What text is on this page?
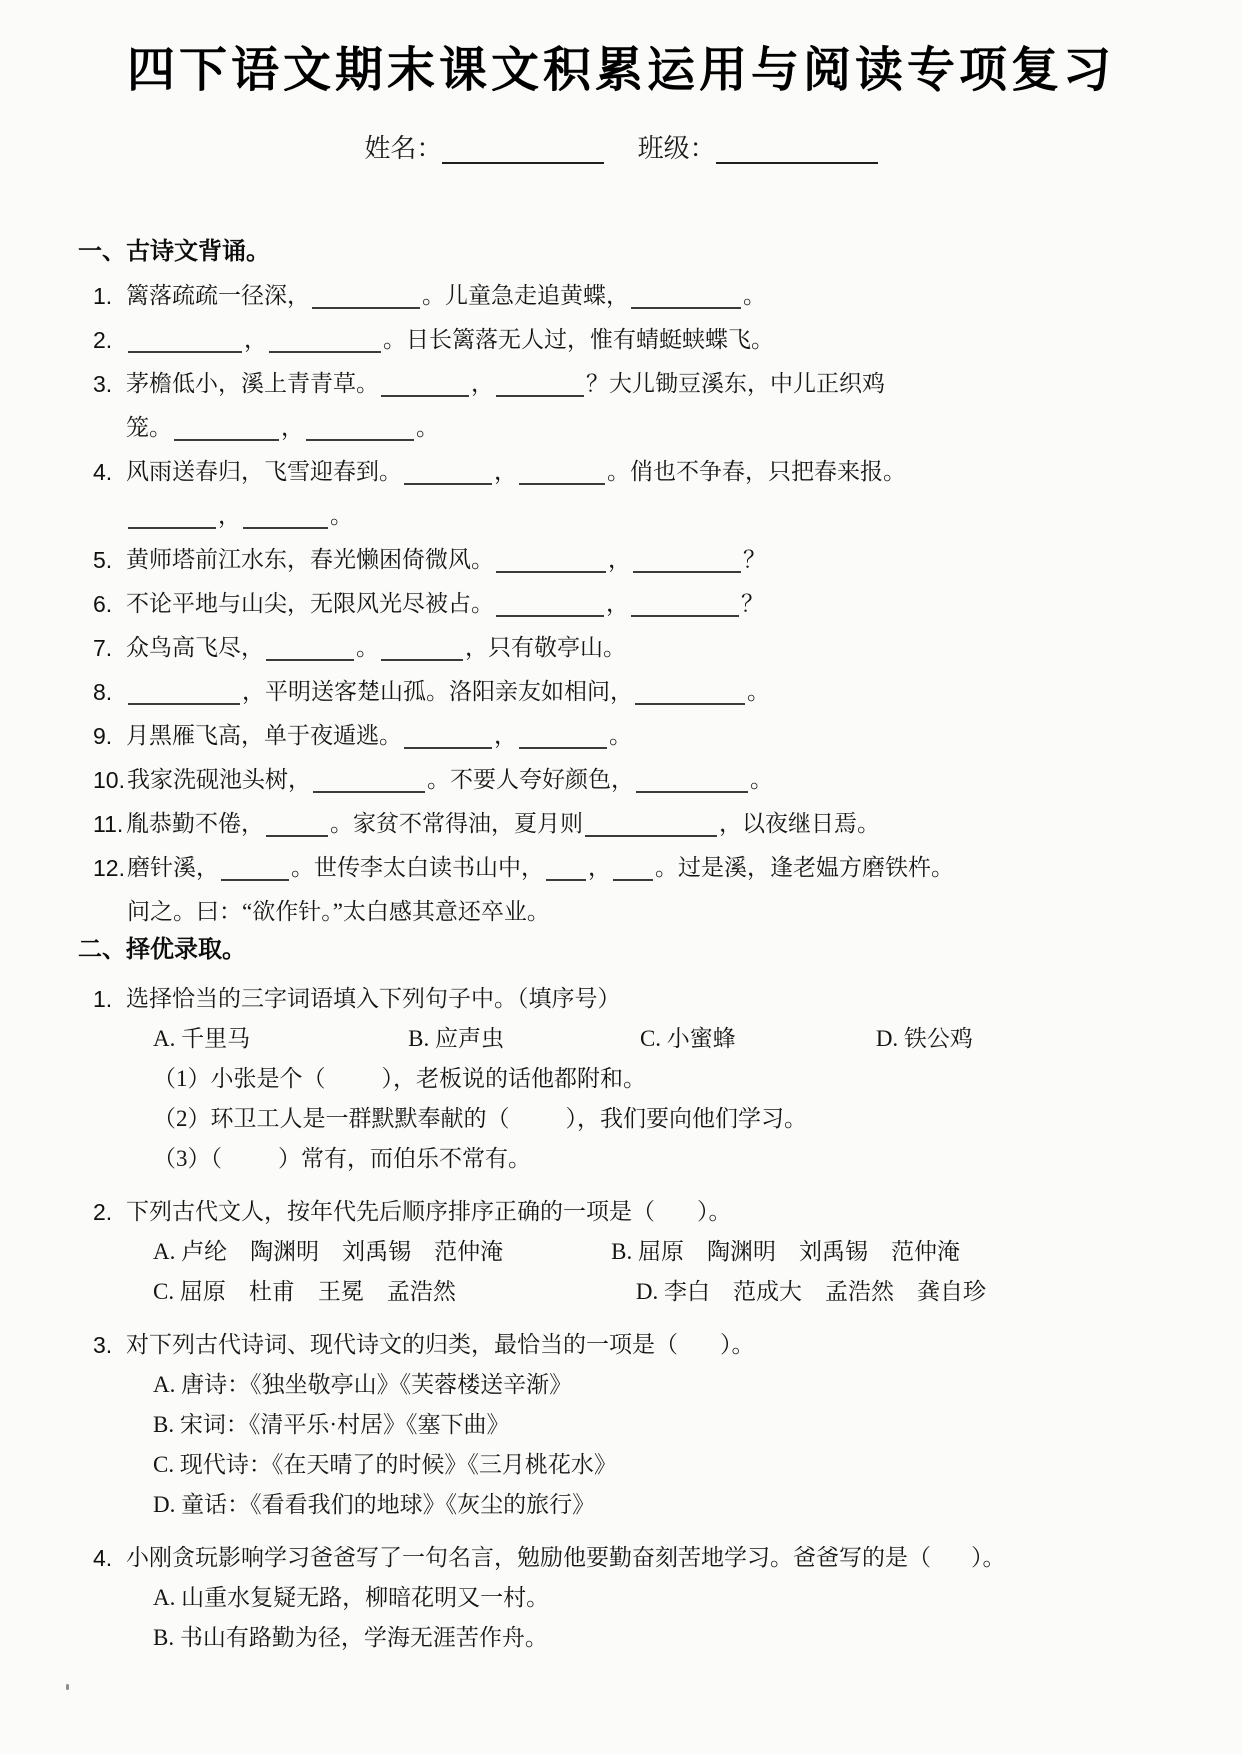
四下语文期末课文积累运用与阅读专项复习
姓名：	班级：
一、古诗文背诵。
1. 篱落疏疏一径深，	。儿童急走追黄蝶，	。
2.	，	。日长篱落无人过，惟有蜻蜓蛱蝶飞。
3. 茅檐低小，溪上青青草。	，	？大儿锄豆溪东，中儿正织鸡
笼。	，	。
4. 风雨送春归，飞雪迎春到。	，	。俏也不争春，只把春来报。
，	。
5. 黄师塔前江水东，春光懒困倚微风。	，	？
6. 不论平地与山尖，无限风光尽被占。	，	？
7. 众鸟高飞尽，	。	，只有敬亭山。
8.	，平明送客楚山孤。洛阳亲友如相问，	。
9. 月黑雁飞高，单于夜遁逃。	，	。
10. 我家洗砚池头树，	。不要人夸好颜色，	。
11. 胤恭勤不倦，	。家贫不常得油，夏月则	，以夜继日焉。
12. 磨针溪，	。世传李太白读书山中， ， 。过是溪，逢老媪方磨铁杵。
问之。曰：“欲作针。”太白感其意还卒业。
二、择优录取。
1. 选择恰当的三字词语填入下列句子中。（填序号）
A. 千里马	B. 应声虫	C. 小蜜蜂	D. 铁公鸡
（1）小张是个（ ），老板说的话他都附和。
（2）环卫工人是一群默默奉献的（ ），我们要向他们学习。
（3）（ ）常有，而伯乐不常有。
2. 下列古代文人，按年代先后顺序排序正确的一项是（ ）。
A. 卢纶　陶渊明　刘禹锡　范仲淹	B. 屈原　陶渊明　刘禹锡　范仲淹
C. 屈原　杜甫　王冕　孟浩然	D. 李白　范成大　孟浩然　龚自珍
3. 对下列古代诗词、现代诗文的归类，最恰当的一项是（ ）。
A. 唐诗：《独坐敬亭山》《芙蓉楼送辛渐》
B. 宋词：《清平乐·村居》《塞下曲》
C. 现代诗：《在天晴了的时候》《三月桃花水》
D. 童话：《看看我们的地球》《灰尘的旅行》
4. 小刚贪玩影响学习爸爸写了一句名言，勉励他要勤奋刻苦地学习。爸爸写的是（ ）。
A. 山重水复疑无路，柳暗花明又一村。
B. 书山有路勤为径，学海无涯苦作舟。
